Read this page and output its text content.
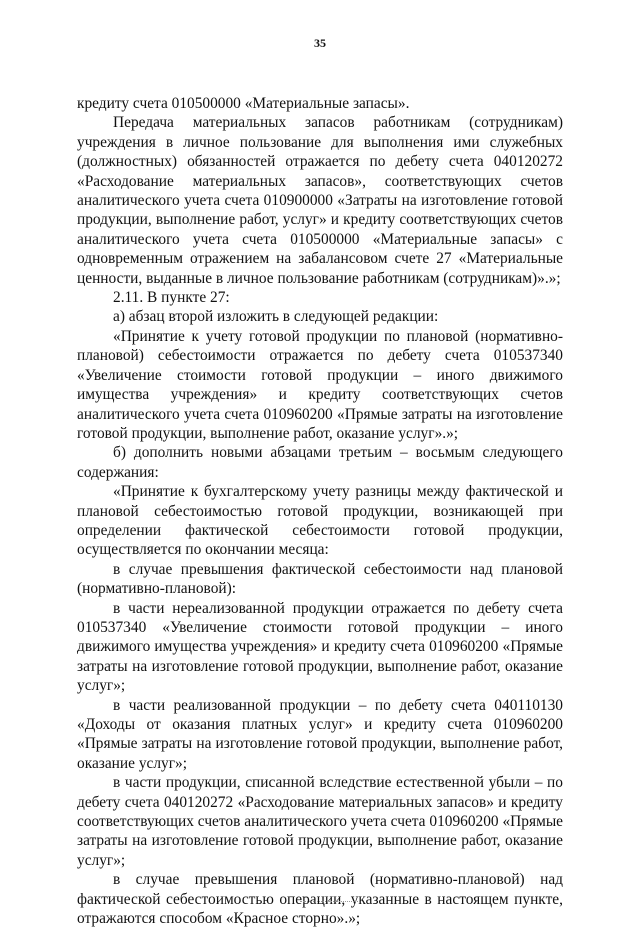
35

кредиту счета 010500000 «Материальные запасы».

Передача материальных запасов работникам (сотрудникам) учреждения в личное пользование для выполнения ими служебных (должностных) обязанностей отражается по дебету счета 040120272 «Расходование материальных запасов», соответствующих счетов аналитического учета счета 010900000 «Затраты на изготовление готовой продукции, выполнение работ, услуг» и кредиту соответствующих счетов аналитического учета счета 010500000 «Материальные запасы» с одновременным отражением на забалансовом счете 27 «Материальные ценности, выданные в личное пользование работникам (сотрудникам)».»;

2.11. В пункте 27:

а) абзац второй изложить в следующей редакции:

«Принятие к учету готовой продукции по плановой (нормативно-плановой) себестоимости отражается по дебету счета 010537340 «Увеличение стоимости готовой продукции – иного движимого имущества учреждения» и кредиту соответствующих счетов аналитического учета счета 010960200 «Прямые затраты на изготовление готовой продукции, выполнение работ, оказание услуг».»;

б) дополнить новыми абзацами третьим – восьмым следующего содержания:

«Принятие к бухгалтерскому учету разницы между фактической и плановой себестоимостью готовой продукции, возникающей при определении фактической себестоимости готовой продукции, осуществляется по окончании месяца:

в случае превышения фактической себестоимости над плановой (нормативно-плановой):

в части нереализованной продукции отражается по дебету счета 010537340 «Увеличение стоимости готовой продукции – иного движимого имущества учреждения» и кредиту счета 010960200 «Прямые затраты на изготовление готовой продукции, выполнение работ, оказание услуг»;

в части реализованной продукции – по дебету счета 040110130 «Доходы от оказания платных услуг» и кредиту счета 010960200 «Прямые затраты на изготовление готовой продукции, выполнение работ, оказание услуг»;

в части продукции, списанной вследствие естественной убыли – по дебету счета 040120272 «Расходование материальных запасов» и кредиту соответствующих счетов аналитического учета счета 010960200 «Прямые затраты на изготовление готовой продукции, выполнение работ, оказание услуг»;

в случае превышения плановой (нормативно-плановой) над фактической себестоимостью операции, указанные в настоящем пункте, отражаются способом «Красное сторно».»;
